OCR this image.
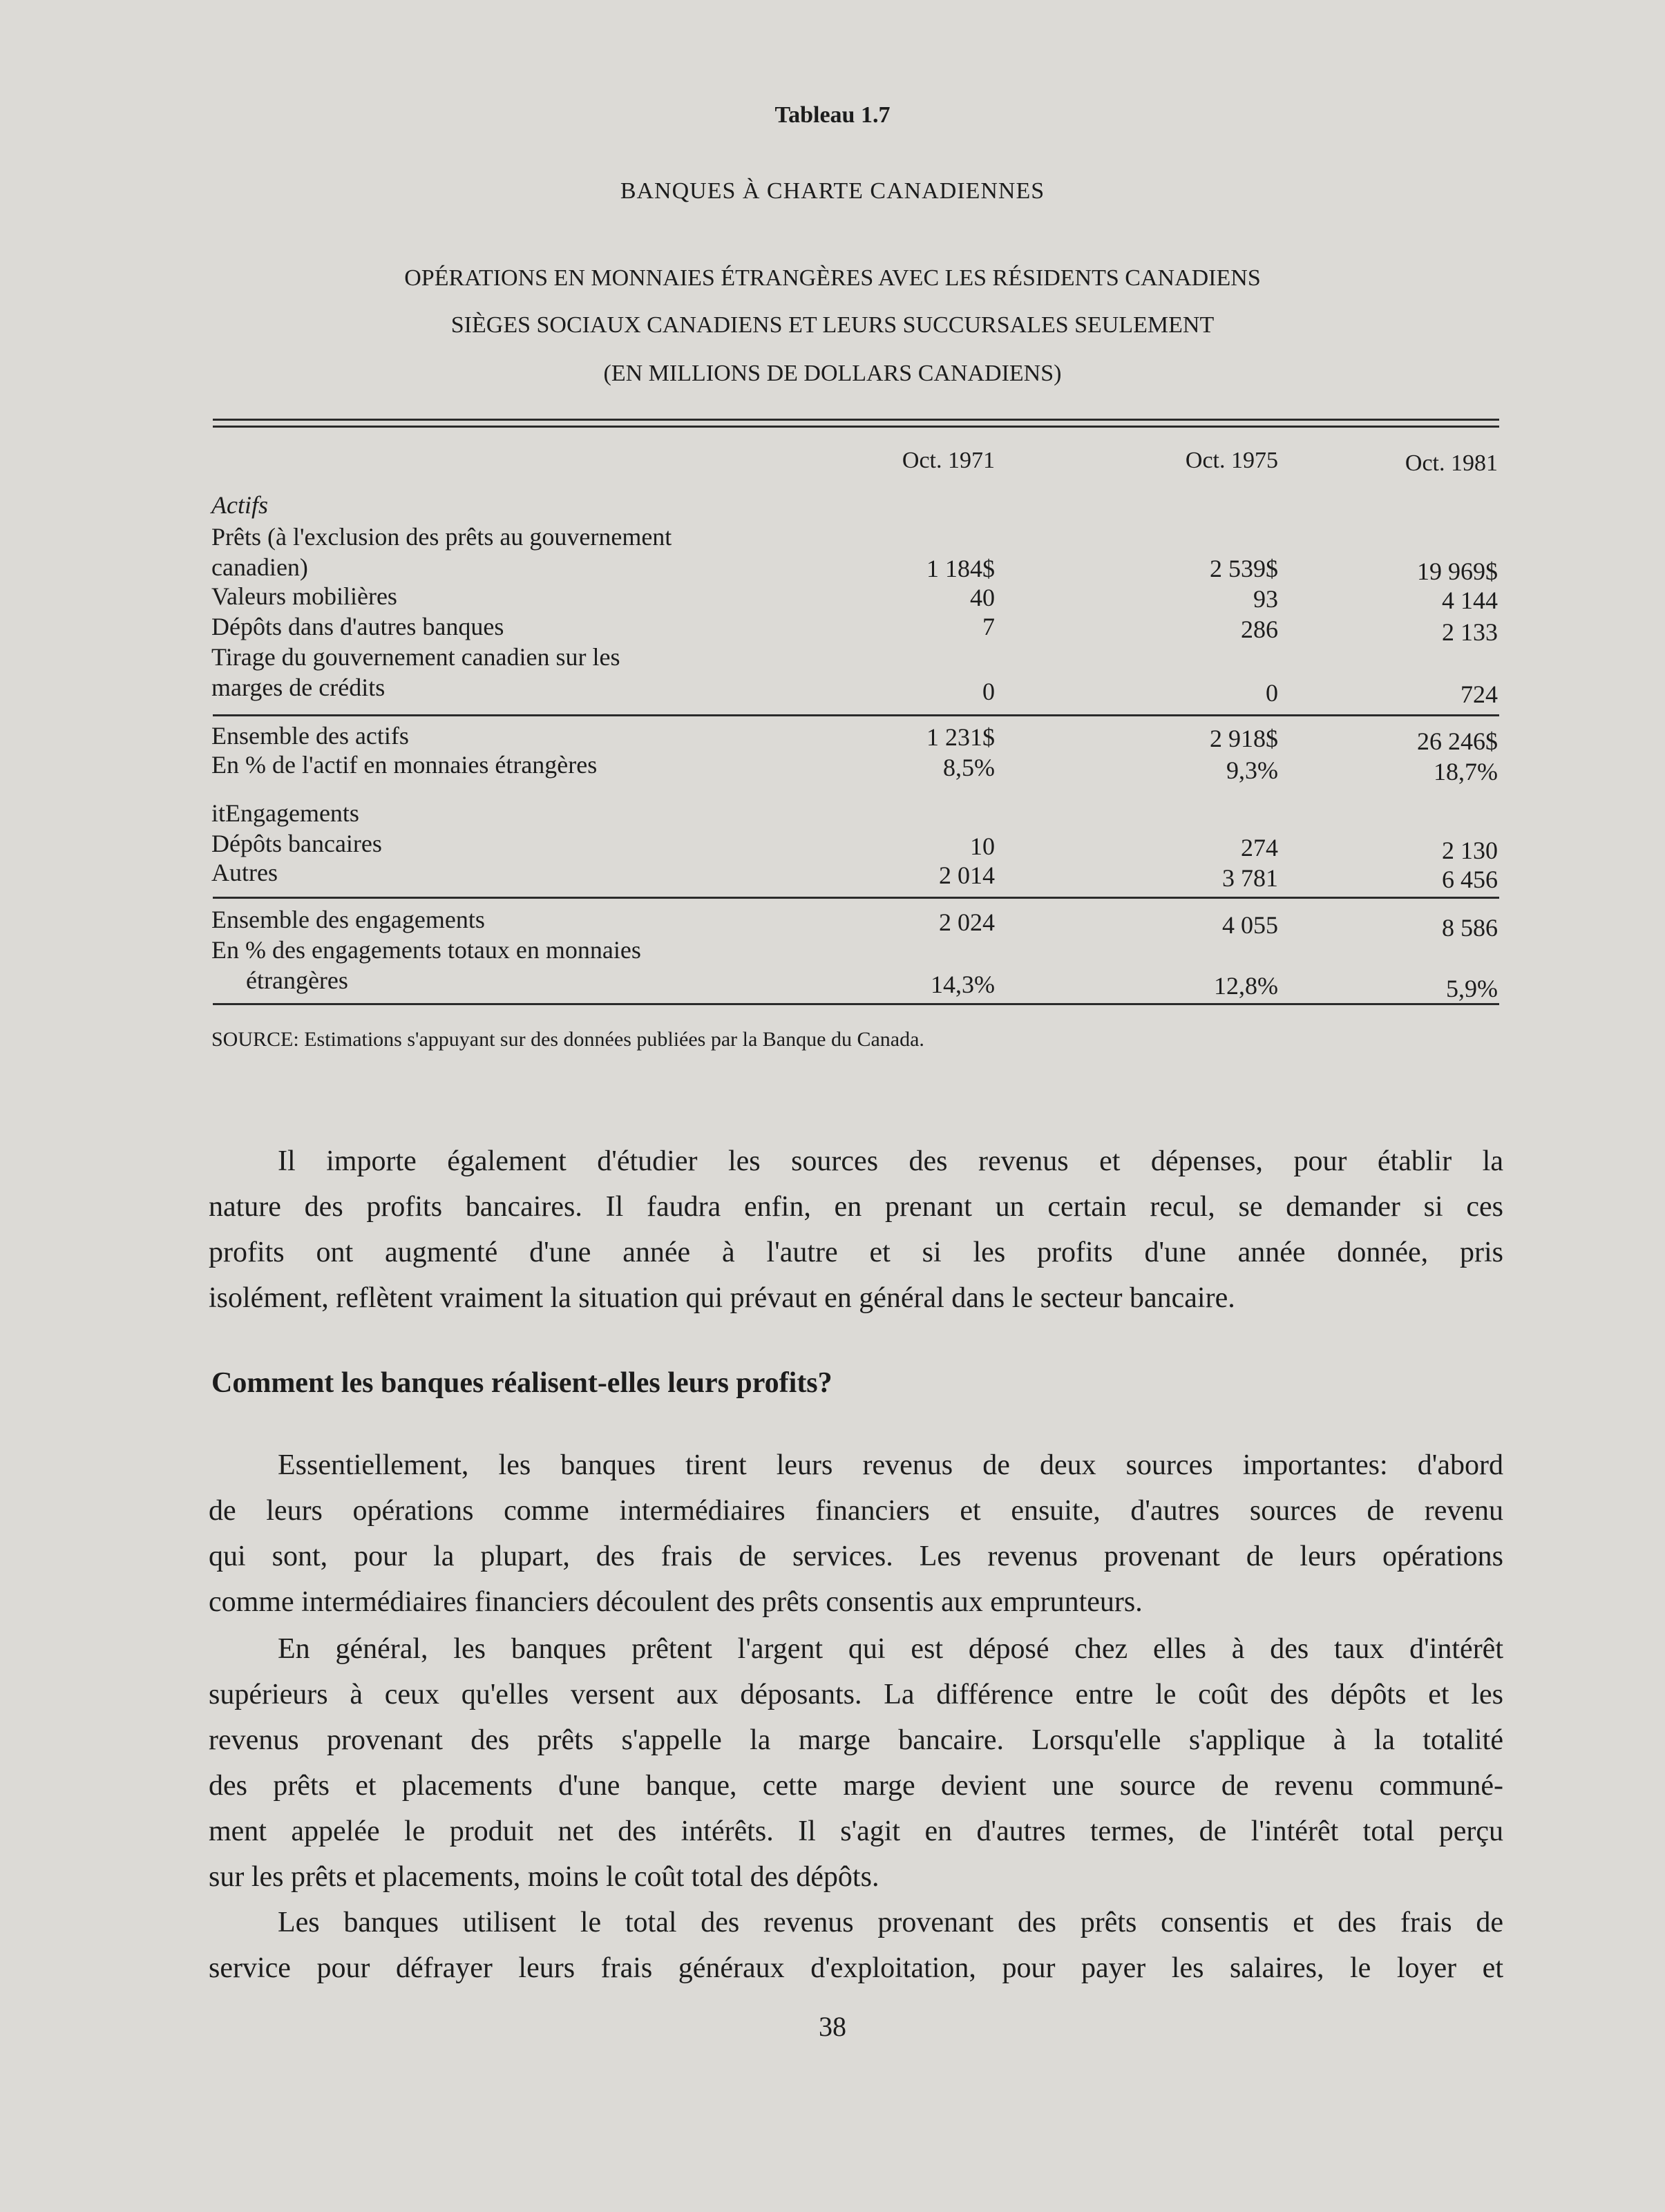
Tableau 1.7
BANQUES À CHARTE CANADIENNES
OPÉRATIONS EN MONNAIES ÉTRANGÈRES AVEC LES RÉSIDENTS CANADIENS
SIÈGES SOCIAUX CANADIENS ET LEURS SUCCURSALES SEULEMENT
(EN MILLIONS DE DOLLARS CANADIENS)
Oct. 1971	Oct. 1975	Oct. 1981
Actifs
Prêts (à l'exclusion des prêts au gouvernement
canadien)	1 184$	2 539$	19 969$
Valeurs mobilières	40	93	4 144
Dépôts dans d'autres banques	7	286	2 133
Tirage du gouvernement canadien sur les
marges de crédits	0	0	724
Ensemble des actifs	1 231$	2 918$	26 246$
En % de l'actif en monnaies étrangères	8,5%	9,3%	18,7%
itEngagements
Dépôts bancaires	10	274	2 130
Autres	2 014	3 781	6 456
Ensemble des engagements	2 024	4 055	8 586
En % des engagements totaux en monnaies
étrangères	14,3%	12,8%	5,9%
SOURCE: Estimations s'appuyant sur des données publiées par la Banque du Canada.
Il importe également d'étudier les sources des revenus et dépenses, pour établir la
nature des profits bancaires. Il faudra enfin, en prenant un certain recul, se demander si ces
profits ont augmenté d'une année à l'autre et si les profits d'une année donnée, pris
isolément, reflètent vraiment la situation qui prévaut en général dans le secteur bancaire.
Comment les banques réalisent-elles leurs profits?
Essentiellement, les banques tirent leurs revenus de deux sources importantes: d'abord
de leurs opérations comme intermédiaires financiers et ensuite, d'autres sources de revenu
qui sont, pour la plupart, des frais de services. Les revenus provenant de leurs opérations
comme intermédiaires financiers découlent des prêts consentis aux emprunteurs.
En général, les banques prêtent l'argent qui est déposé chez elles à des taux d'intérêt
supérieurs à ceux qu'elles versent aux déposants. La différence entre le coût des dépôts et les
revenus provenant des prêts s'appelle la marge bancaire. Lorsqu'elle s'applique à la totalité
des prêts et placements d'une banque, cette marge devient une source de revenu communé-
ment appelée le produit net des intérêts. Il s'agit en d'autres termes, de l'intérêt total perçu
sur les prêts et placements, moins le coût total des dépôts.
Les banques utilisent le total des revenus provenant des prêts consentis et des frais de
service pour défrayer leurs frais généraux d'exploitation, pour payer les salaires, le loyer et
38
